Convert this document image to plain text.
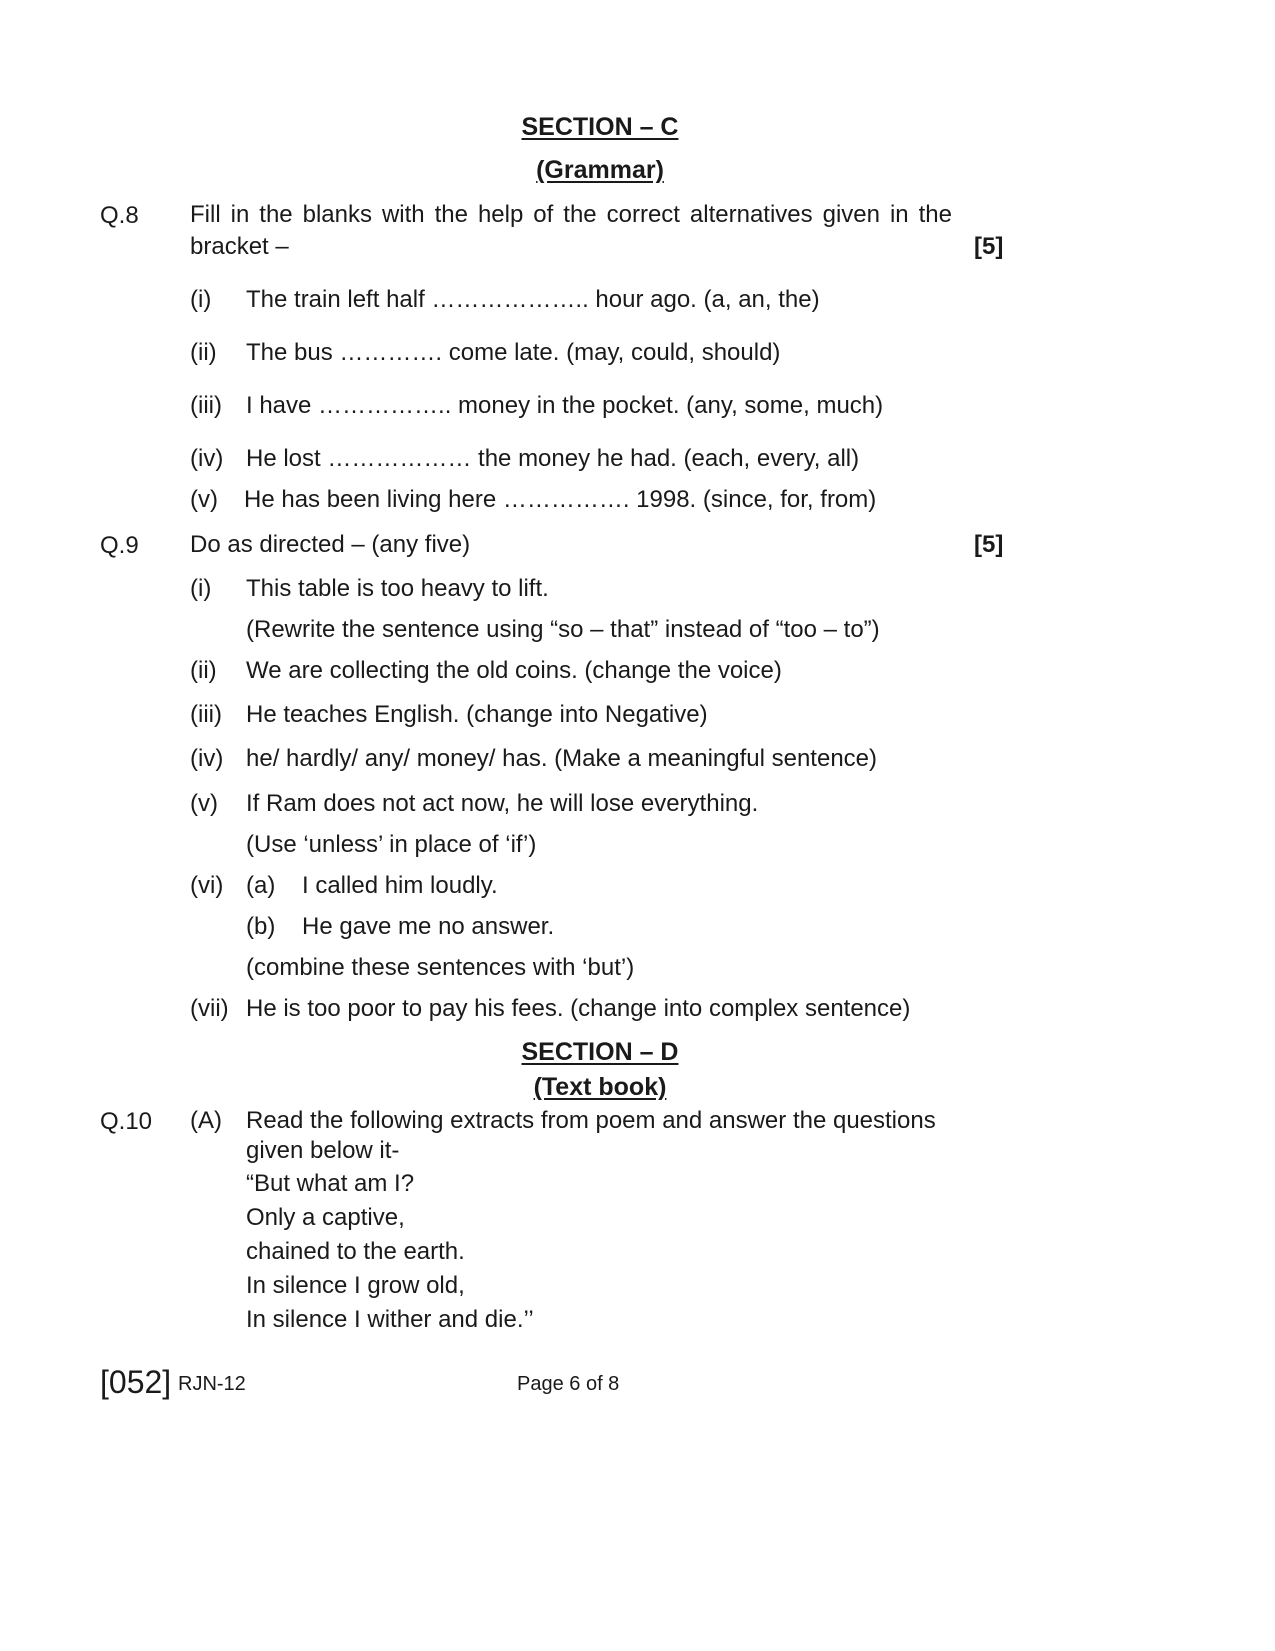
SECTION – C
(Grammar)
Q.8 Fill in the blanks with the help of the correct alternatives given in the
bracket –	[5]
(i) The train left half ……………….. hour ago. (a, an, the)
(ii) The bus …………. come late. (may, could, should)
(iii) I have …………….. money in the pocket. (any, some, much)
(iv) He lost ……………… the money he had. (each, every, all)
(v) He has been living here ……………. 1998. (since, for, from)
Q.9 Do as directed – (any five)	[5]
(i) This table is too heavy to lift.
(Rewrite the sentence using “so – that” instead of “too – to”)
(ii) We are collecting the old coins. (change the voice)
(iii) He teaches English. (change into Negative)
(iv) he/ hardly/ any/ money/ has. (Make a meaningful sentence)
(v) If Ram does not act now, he will lose everything.
(Use ‘unless’ in place of ‘if’)
(vi) (a) I called him loudly.
(b) He gave me no answer.
(combine these sentences with ‘but’)
(vii) He is too poor to pay his fees. (change into complex sentence)
SECTION – D
(Text book)
Q.10 (A) Read the following extracts from poem and answer the questions
given below it-
“But what am I?
Only a captive,
chained to the earth.
In silence I grow old,
In silence I wither and die.’’
[052] RJN-12	Page 6 of 8
